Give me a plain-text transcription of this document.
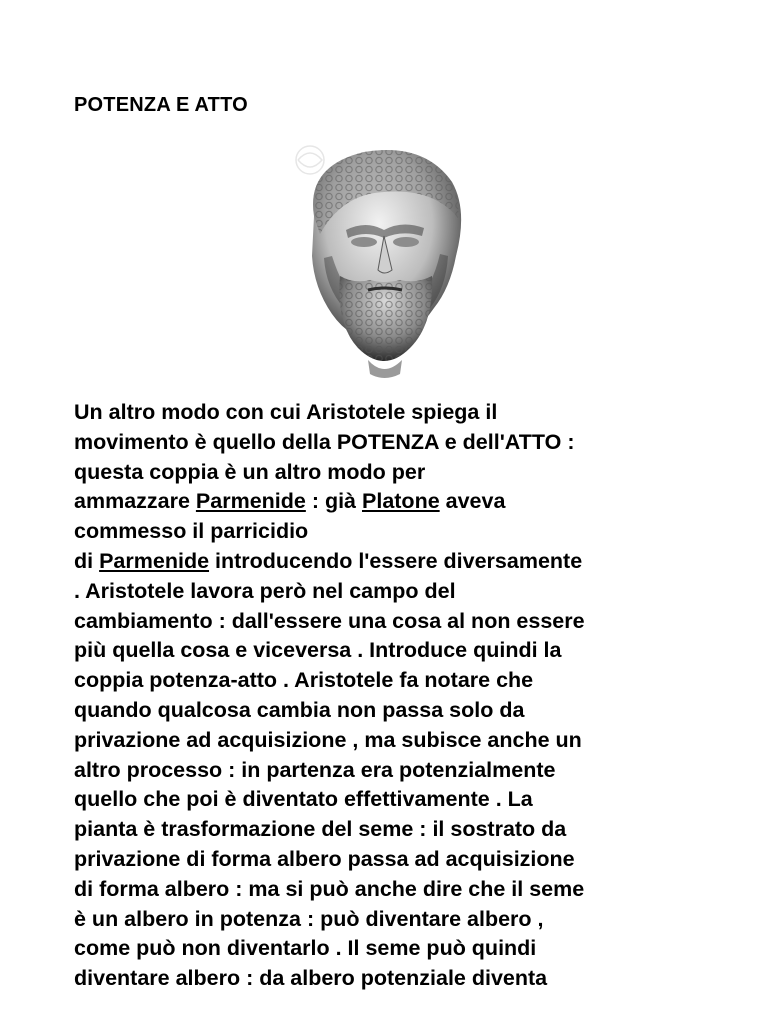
POTENZA E ATTO
Un altro modo con cui Aristotele spiega il
movimento è quello della POTENZA e dell'ATTO :
questa coppia è un altro modo per
ammazzare Parmenide : già Platone aveva
commesso il parricidio
di Parmenide introducendo l'essere diversamente
. Aristotele lavora però nel campo del
cambiamento : dall'essere una cosa al non essere
più quella cosa e viceversa . Introduce quindi la
coppia potenza-atto . Aristotele fa notare che
quando qualcosa cambia non passa solo da
privazione ad acquisizione , ma subisce anche un
altro processo : in partenza era potenzialmente
quello che poi è diventato effettivamente . La
pianta è trasformazione del seme : il sostrato da
privazione di forma albero passa ad acquisizione
di forma albero : ma si può anche dire che il seme
è un albero in potenza : può diventare albero ,
come può non diventarlo . Il seme può quindi
diventare albero : da albero potenziale diventa
